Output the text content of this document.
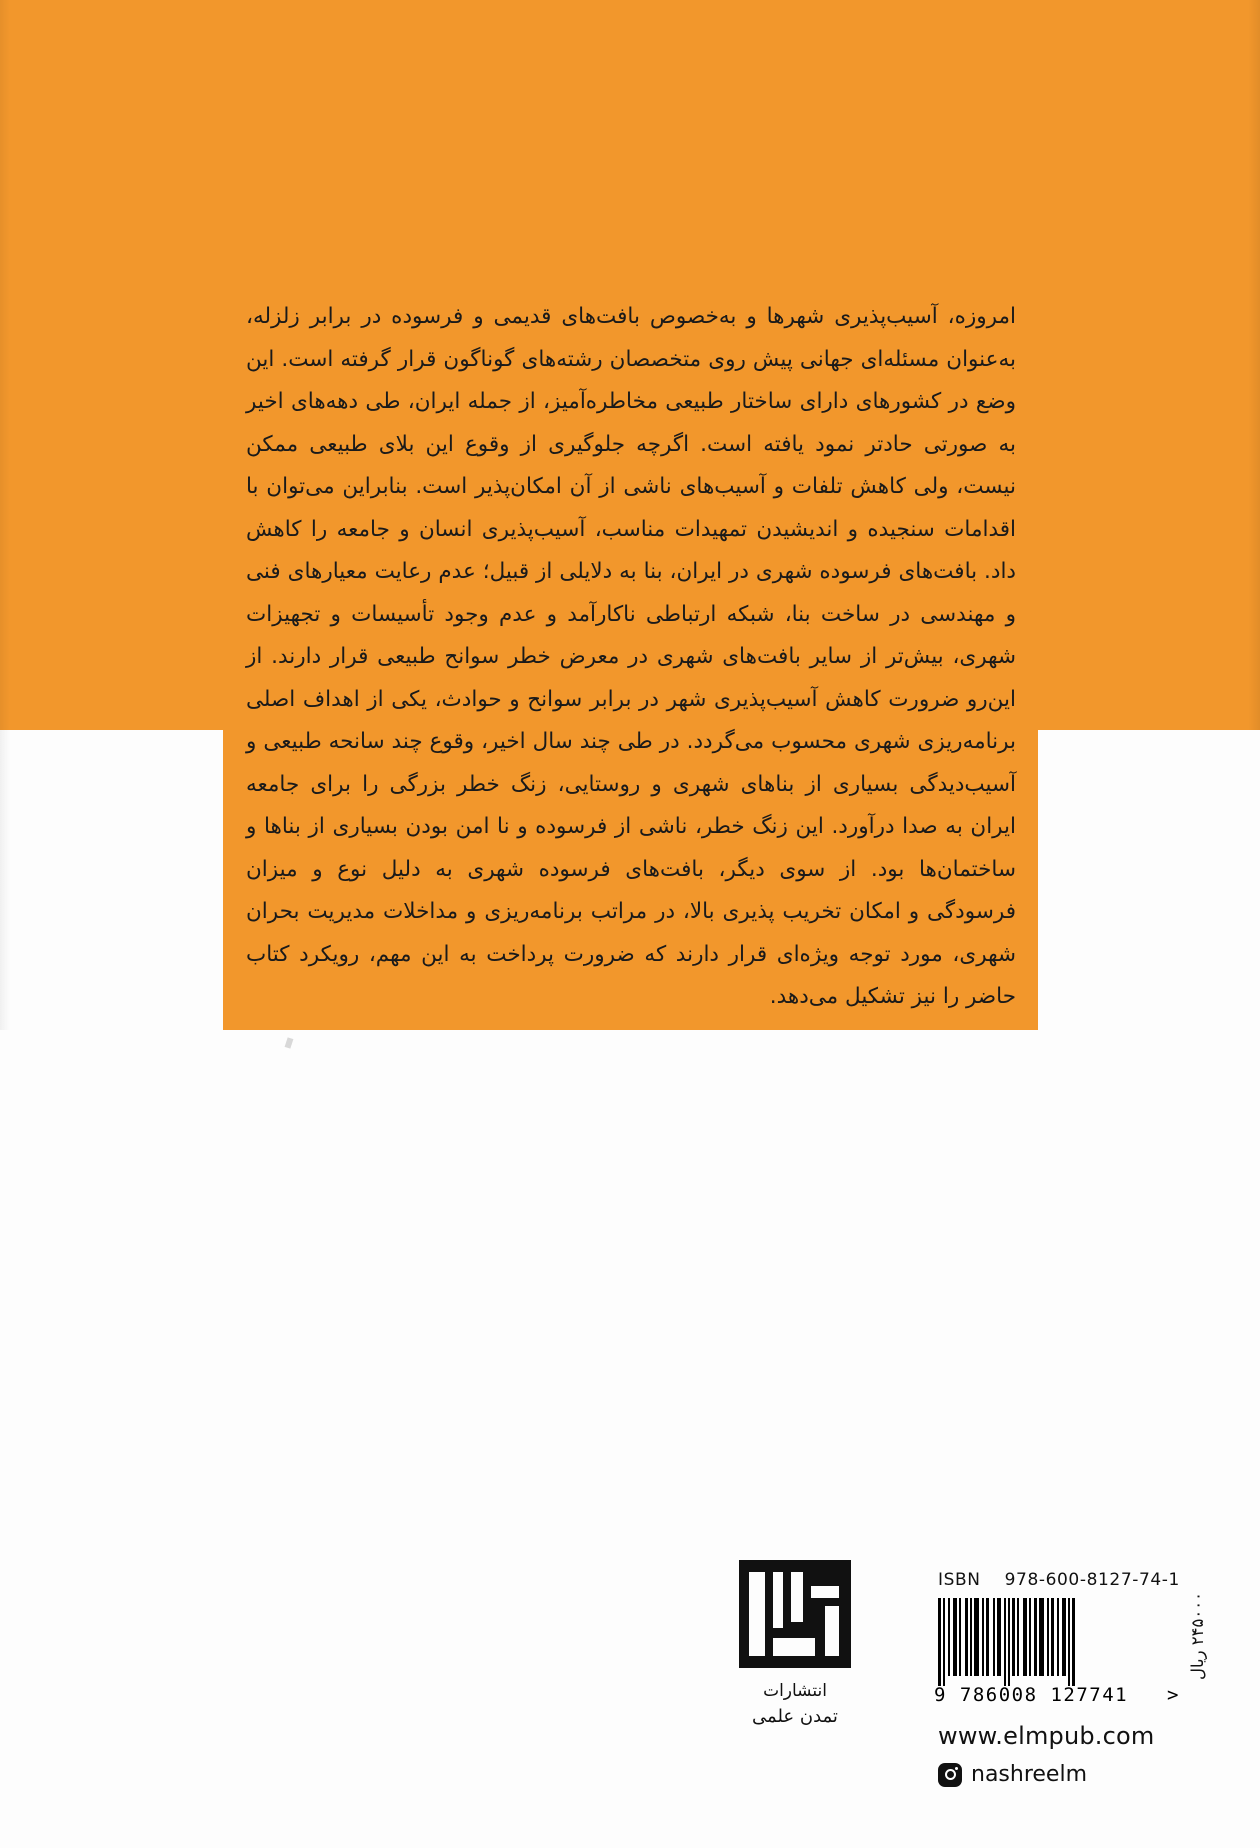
امروزه، آسیب‌پذیری شهرها و به‌خصوص بافت‌های قدیمی و فرسوده در برابر زلزله، به‌عنوان مسئله‌ای جهانی پیش روی متخصصان رشته‌های گوناگون قرار گرفته است. این وضع در کشورهای دارای ساختار طبیعی مخاطره‌آمیز، از جمله ایران، طی دهه‌های اخیر به صورتی حادتر نمود یافته است. اگرچه جلوگیری از وقوع این بلای طبیعی ممکن نیست، ولی کاهش تلفات و آسیب‌های ناشی از آن امکان‌پذیر است. بنابراین می‌توان با اقدامات سنجیده و اندیشیدن تمهیدات مناسب، آسیب‌پذیری انسان و جامعه را کاهش داد. بافت‌های فرسوده شهری در ایران، بنا به دلایلی از قبیل؛ عدم رعایت معیارهای فنی و مهندسی در ساخت بنا، شبکه ارتباطی ناکارآمد و عدم وجود تأسیسات و تجهیزات شهری، بیش‌تر از سایر بافت‌های شهری در معرض خطر سوانح طبیعی قرار دارند. از این‌رو ضرورت کاهش آسیب‌پذیری شهر در برابر سوانح و حوادث، یکی از اهداف اصلی برنامه‌ریزی شهری محسوب می‌گردد. در طی چند سال اخیر، وقوع چند سانحه طبیعی و آسیب‌دیدگی بسیاری از بناهای شهری و روستایی، زنگ خطر بزرگی را برای جامعه ایران به صدا درآورد. این زنگ خطر، ناشی از فرسوده و نا امن بودن بسیاری از بناها و ساختمان‌ها بود. از سوی دیگر، بافت‌های فرسوده شهری به دلیل نوع و میزان فرسودگی و امکان تخریب پذیری بالا، در مراتب برنامه‌ریزی و مداخلات مدیریت بحران شهری، مورد توجه ویژه‌ای قرار دارند که ضرورت پرداخت به این مهم، رویکرد کتاب حاضر را نیز تشکیل می‌دهد.
انتشارات
تمدن علمی
ISBN 978-600-8127-74-1
9 786008 127741 >
۲۴۵۰۰۰ ریال
www.elmpub.com
nashreelm
